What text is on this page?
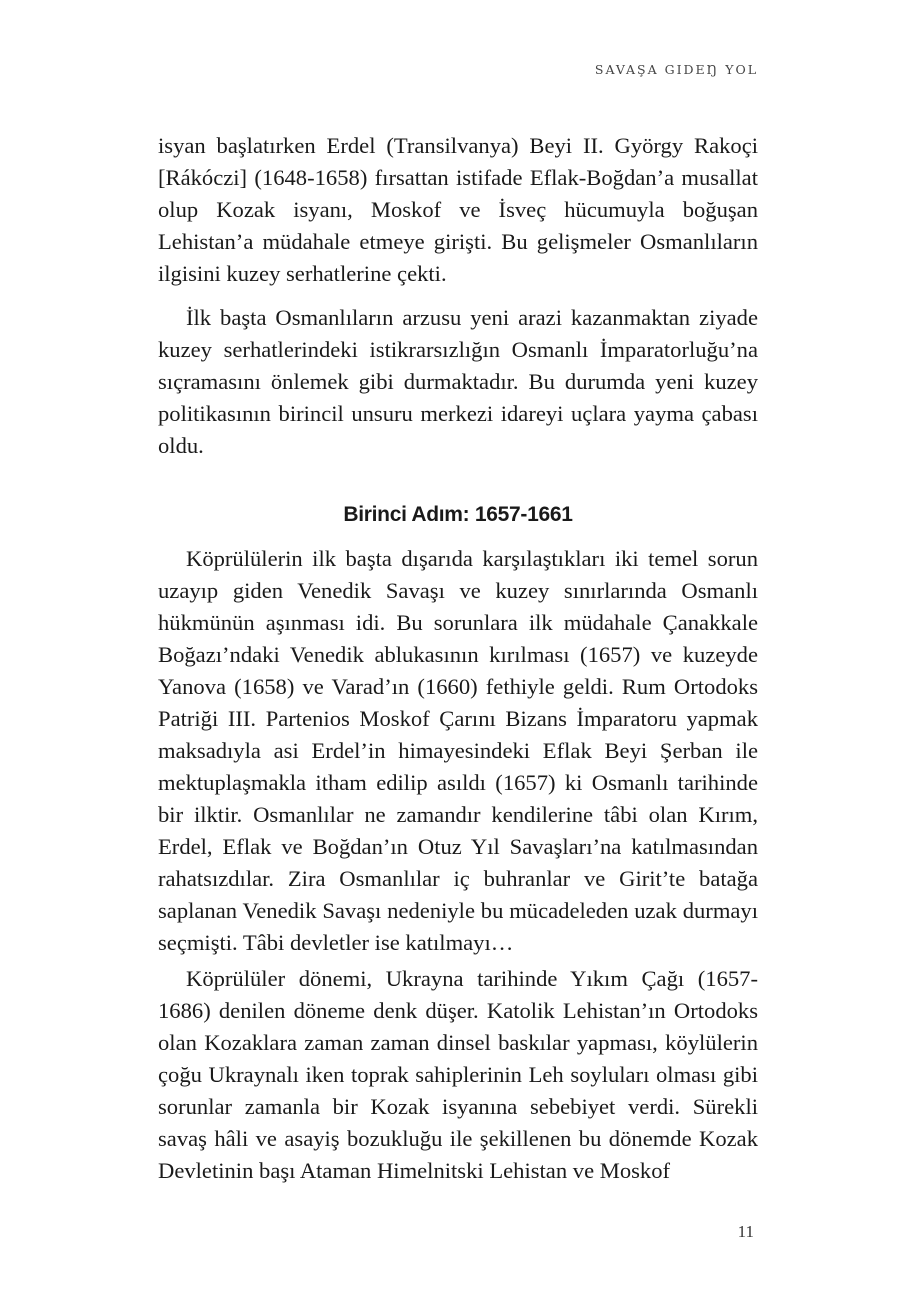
SAVAŞA GIDEŊ YOL

isyan başlatırken Erdel (Transilvanya) Beyi II. György Rakoçi [Rákóczi] (1648-1658) fırsattan istifade Eflak-Boğdan’a musallat olup Kozak isyanı, Moskof ve İsveç hücumuyla boğuşan Lehistan’a müdahale etmeye girişti. Bu gelişmeler Osmanlıların ilgisini kuzey serhatlerine çekti.

İlk başta Osmanlıların arzusu yeni arazi kazanmaktan ziyade kuzey serhatlerindeki istikrarsızlığın Osmanlı İmparatorluğu’na sıçramasını önlemek gibi durmaktadır. Bu durumda yeni kuzey politikasının birincil unsuru merkezi idareyi uçlara yayma çabası oldu.

Birinci Adım: 1657-1661

Köprülülerin ilk başta dışarıda karşılaştıkları iki temel sorun uzayıp giden Venedik Savaşı ve kuzey sınırlarında Osmanlı hükmünün aşınması idi. Bu sorunlara ilk müdahale Çanakkale Boğazı’ndaki Venedik ablukasının kırılması (1657) ve kuzeyde Yanova (1658) ve Varad’ın (1660) fethiyle geldi. Rum Ortodoks Patriği III. Partenios Moskof Çarını Bizans İmparatoru yapmak maksadıyla asi Erdel’in himayesindeki Eflak Beyi Şerban ile mektuplaşmakla itham edilip asıldı (1657) ki Osmanlı tarihinde bir ilktir. Osmanlılar ne zamandır kendilerine tâbi olan Kırım, Erdel, Eflak ve Boğdan’ın Otuz Yıl Savaşları’na katılmasından rahatsızdılar. Zira Osmanlılar iç buhranlar ve Girit’te batağa saplanan Venedik Savaşı nedeniyle bu mücadeleden uzak durmayı seçmişti. Tâbi devletler ise katılmayı…

Köprülüler dönemi, Ukrayna tarihinde Yıkım Çağı (1657-1686) denilen döneme denk düşer. Katolik Lehistan’ın Ortodoks olan Kozaklara zaman zaman dinsel baskılar yapması, köylülerin çoğu Ukraynalı iken toprak sahiplerinin Leh soyluları olması gibi sorunlar zamanla bir Kozak isyanına sebebiyet verdi. Sürekli savaş hâli ve asayiş bozukluğu ile şekillenen bu dönemde Kozak Devletinin başı Ataman Himelnitski Lehistan ve Moskof

11
